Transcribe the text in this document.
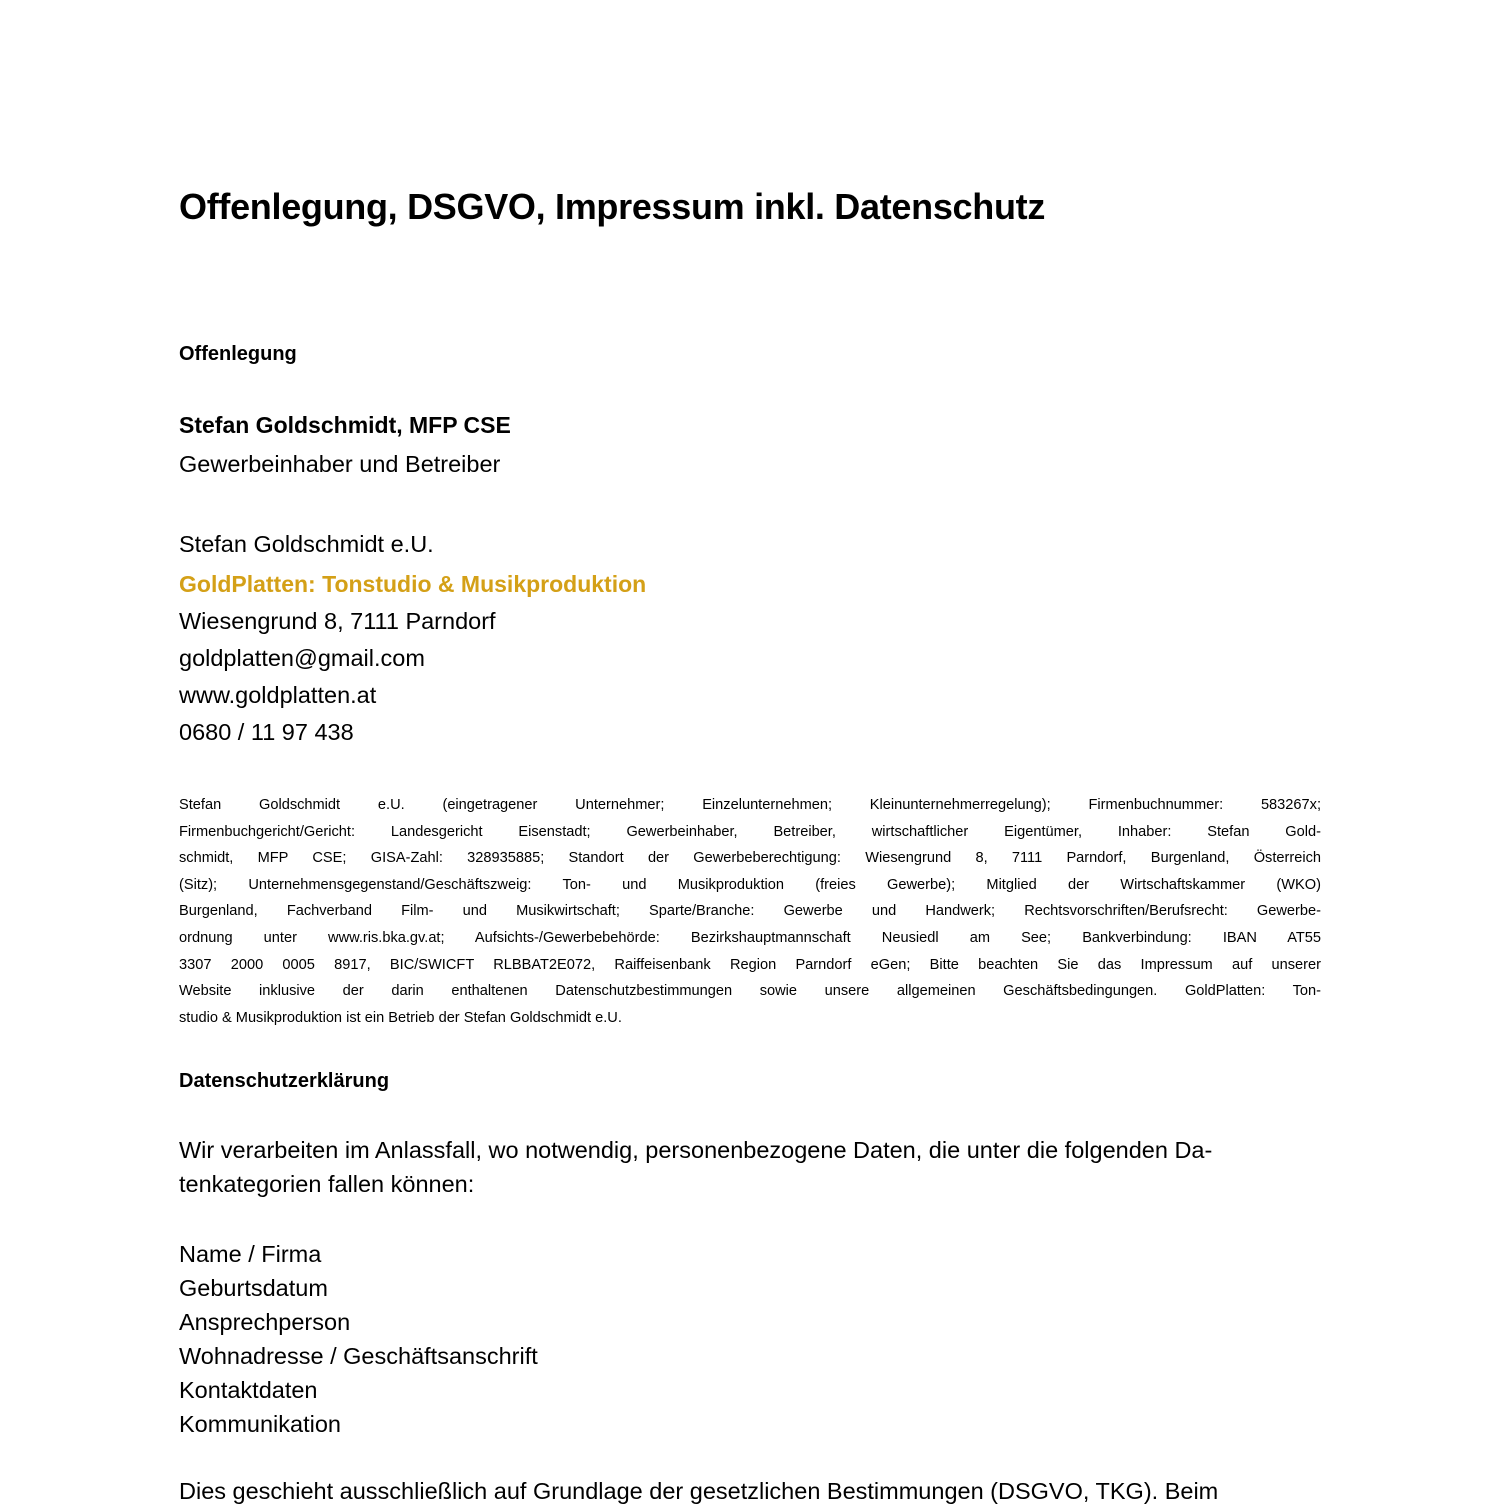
Offenlegung, DSGVO, Impressum inkl. Datenschutz
Offenlegung
Stefan Goldschmidt, MFP CSE
Gewerbeinhaber und Betreiber
Stefan Goldschmidt e.U.
GoldPlatten: Tonstudio & Musikproduktion
Wiesengrund 8, 7111 Parndorf
goldplatten@gmail.com
www.goldplatten.at
0680 / 11 97 438
Stefan Goldschmidt e.U. (eingetragener Unternehmer; Einzelunternehmen; Kleinunternehmerregelung); Firmenbuchnummer: 583267x;
Firmenbuchgericht/Gericht: Landesgericht Eisenstadt; Gewerbeinhaber, Betreiber, wirtschaftlicher Eigentümer, Inhaber: Stefan Gold-
schmidt, MFP CSE; GISA-Zahl: 328935885; Standort der Gewerbeberechtigung: Wiesengrund 8, 7111 Parndorf, Burgenland, Österreich
(Sitz); Unternehmensgegenstand/Geschäftszweig: Ton- und Musikproduktion (freies Gewerbe); Mitglied der Wirtschaftskammer (WKO)
Burgenland, Fachverband Film- und Musikwirtschaft; Sparte/Branche: Gewerbe und Handwerk; Rechtsvorschriften/Berufsrecht: Gewerbe-
ordnung unter www.ris.bka.gv.at; Aufsichts-/Gewerbebehörde: Bezirkshauptmannschaft Neusiedl am See; Bankverbindung: IBAN AT55
3307 2000 0005 8917, BIC/SWICFT RLBBAT2E072, Raiffeisenbank Region Parndorf eGen; Bitte beachten Sie das Impressum auf unserer
Website inklusive der darin enthaltenen Datenschutzbestimmungen sowie unsere allgemeinen Geschäftsbedingungen. GoldPlatten: Ton-
studio & Musikproduktion ist ein Betrieb der Stefan Goldschmidt e.U.
Datenschutzerklärung
Wir verarbeiten im Anlassfall, wo notwendig, personenbezogene Daten, die unter die folgenden Da-
tenkategorien fallen können:
Name / Firma
Geburtsdatum
Ansprechperson
Wohnadresse / Geschäftsanschrift
Kontaktdaten
Kommunikation
Dies geschieht ausschließlich auf Grundlage der gesetzlichen Bestimmungen (DSGVO, TKG). Beim
